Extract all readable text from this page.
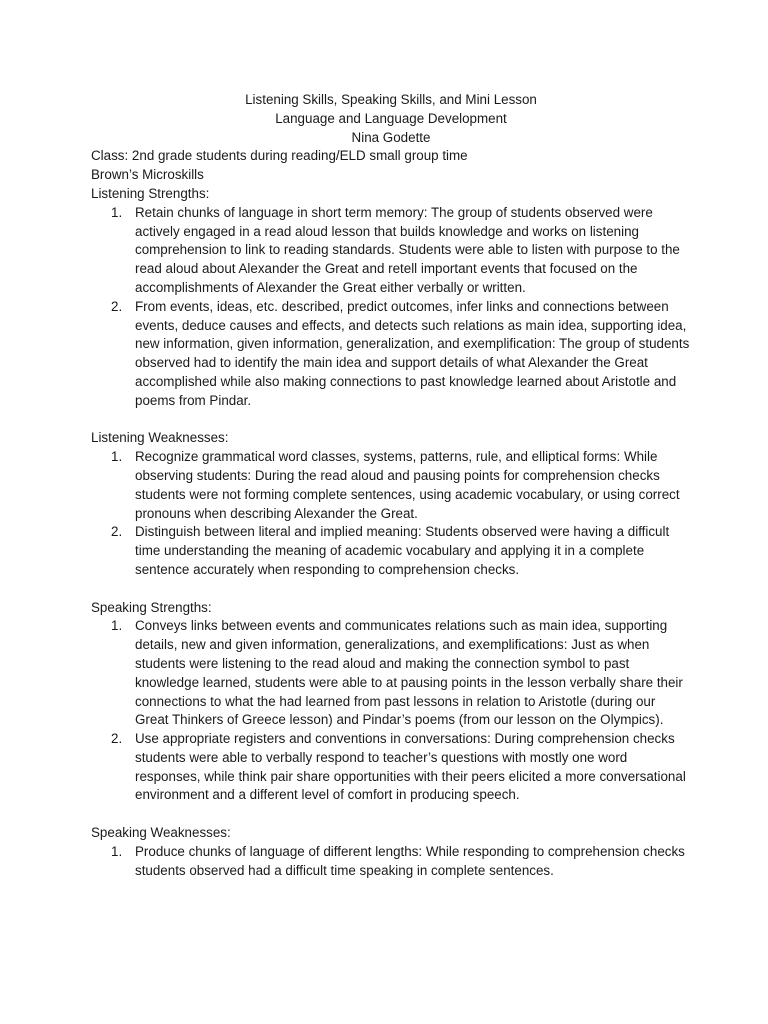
Listening Skills, Speaking Skills, and Mini Lesson
Language and Language Development
Nina Godette
Class: 2nd grade students during reading/ELD small group time
Brown’s Microskills
Listening Strengths:
1. Retain chunks of language in short term memory: The group of students observed were actively engaged in a read aloud lesson that builds knowledge and works on listening comprehension to link to reading standards. Students were able to listen with purpose to the read aloud about Alexander the Great and retell important events that focused on the accomplishments of Alexander the Great either verbally or written.
2. From events, ideas, etc. described, predict outcomes, infer links and connections between events, deduce causes and effects, and detects such relations as main idea, supporting idea, new information, given information, generalization, and exemplification: The group of students observed had to identify the main idea and support details of what Alexander the Great accomplished while also making connections to past knowledge learned about Aristotle and poems from Pindar.
Listening Weaknesses:
1. Recognize grammatical word classes, systems, patterns, rule, and elliptical forms: While observing students: During the read aloud and pausing points for comprehension checks students were not forming complete sentences, using academic vocabulary, or using correct pronouns when describing Alexander the Great.
2. Distinguish between literal and implied meaning: Students observed were having a difficult time understanding the meaning of academic vocabulary and applying it in a complete sentence accurately when responding to comprehension checks.
Speaking Strengths:
1. Conveys links between events and communicates relations such as main idea, supporting details, new and given information, generalizations, and exemplifications: Just as when students were listening to the read aloud and making the connection symbol to past knowledge learned, students were able to at pausing points in the lesson verbally share their connections to what the had learned from past lessons in relation to Aristotle (during our Great Thinkers of Greece lesson) and Pindar’s poems (from our lesson on the Olympics).
2. Use appropriate registers and conventions in conversations: During comprehension checks students were able to verbally respond to teacher’s questions with mostly one word responses, while think pair share opportunities with their peers elicited a more conversational environment and a different level of comfort in producing speech.
Speaking Weaknesses:
1. Produce chunks of language of different lengths: While responding to comprehension checks students observed had a difficult time speaking in complete sentences.
